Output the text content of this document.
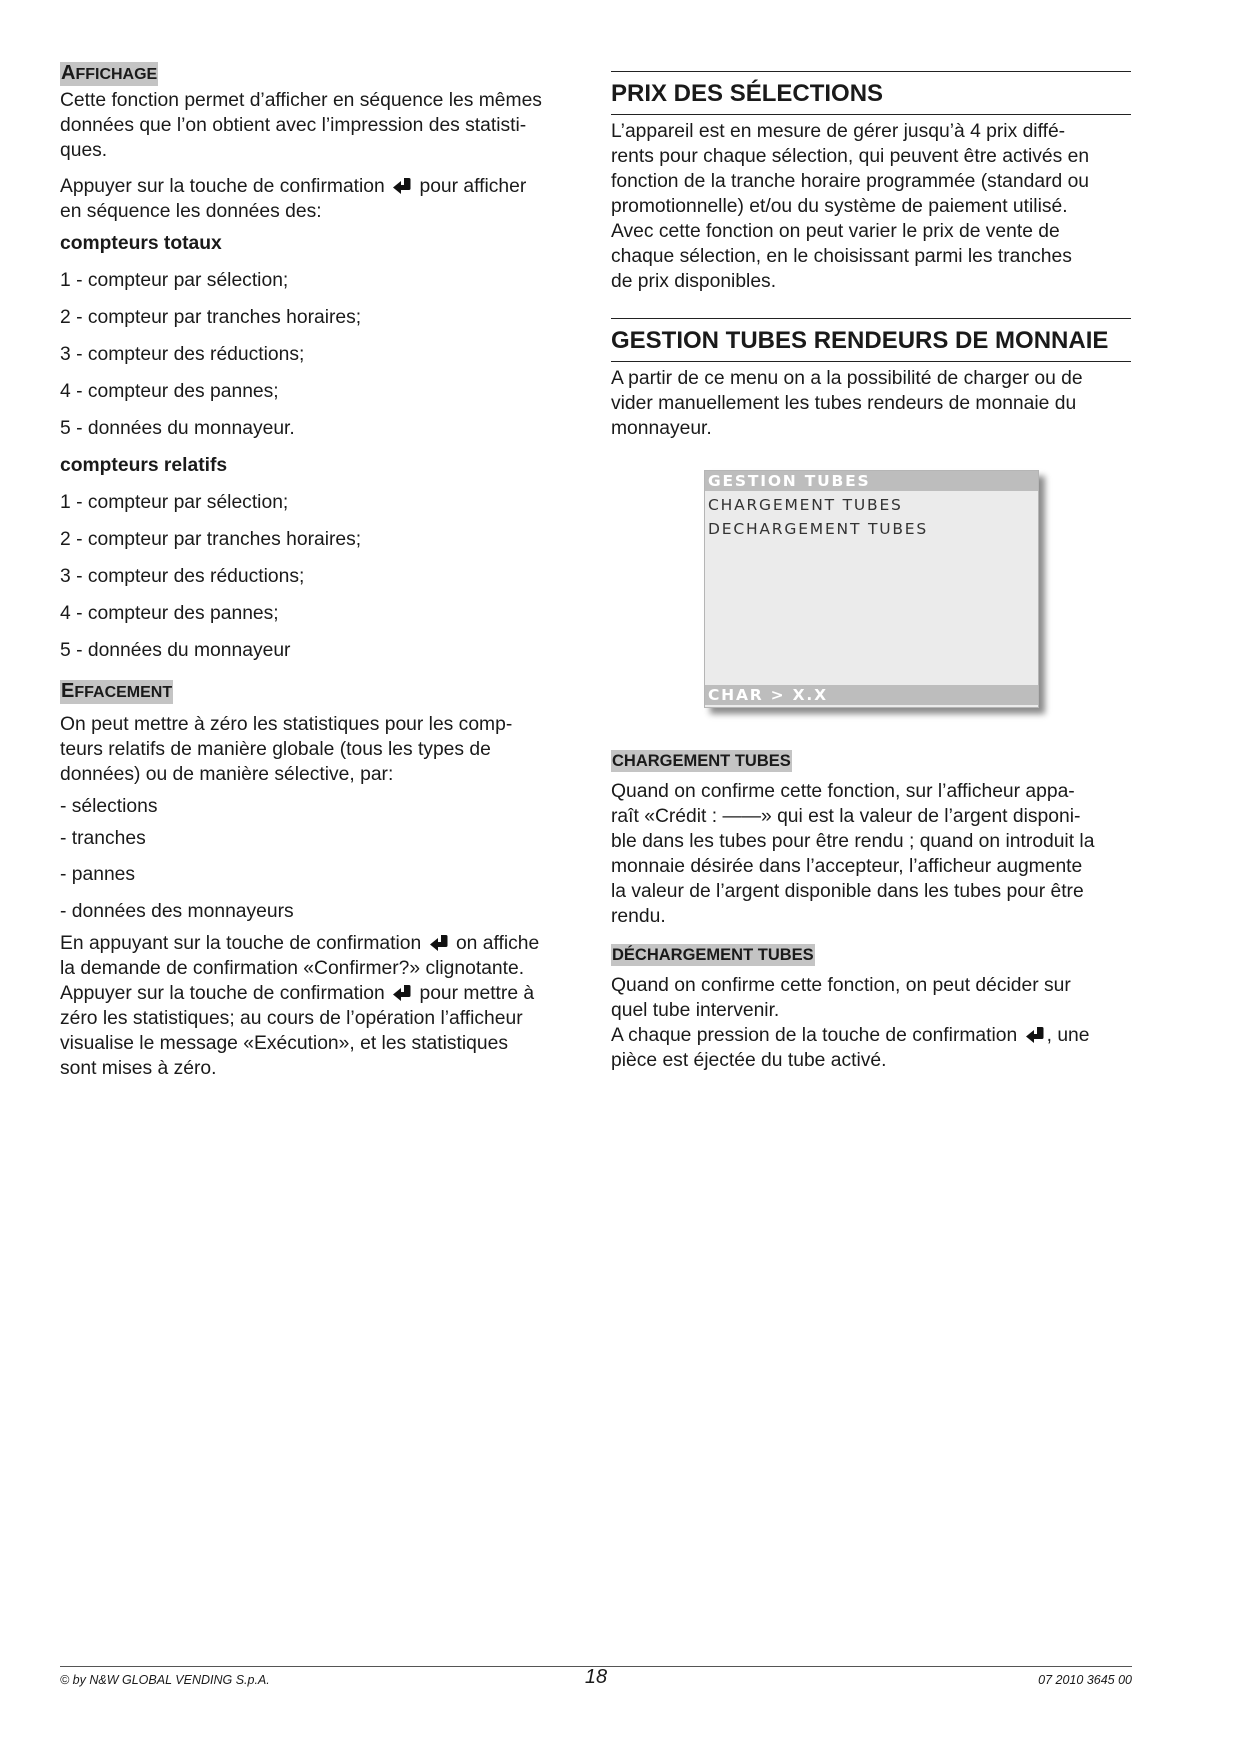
AFFICHAGE

Cette fonction permet d’afficher en séquence les mêmes
données que l’on obtient avec l’impression des statisti-
ques.

Appuyer sur la touche de confirmation pour afficher
en séquence les données des:

compteurs totaux

1 - compteur par sélection;

2 - compteur par tranches horaires;

3 - compteur des réductions;

4 - compteur des pannes;

5 - données du monnayeur.

compteurs relatifs

1 - compteur par sélection;

2 - compteur par tranches horaires;

3 - compteur des réductions;

4 - compteur des pannes;

5 - données du monnayeur

EFFACEMENT

On peut mettre à zéro les statistiques pour les comp-
teurs relatifs de manière globale (tous les types de
données) ou de manière sélective, par:

- sélections

- tranches

- pannes

- données des monnayeurs

En appuyant sur la touche de confirmation on affiche
la demande de confirmation «Confirmer?» clignotante.
Appuyer sur la touche de confirmation pour mettre à
zéro les statistiques; au cours de l’opération l’afficheur
visualise le message «Exécution», et les statistiques
sont mises à zéro.

PRIX DES SÉLECTIONS

L’appareil est en mesure de gérer jusqu’à 4 prix diffé-
rents pour chaque sélection, qui peuvent être activés en
fonction de la tranche horaire programmée (standard ou
promotionnelle) et/ou du système de paiement utilisé.
Avec cette fonction on peut varier le prix de vente de
chaque sélection, en le choisissant parmi les tranches
de prix disponibles.

GESTION TUBES RENDEURS DE MONNAIE

A partir de ce menu on a la possibilité de charger ou de
vider manuellement les tubes rendeurs de monnaie du
monnayeur.

CHARGEMENT TUBES

Quand on confirme cette fonction, sur l’afficheur appa-
raît «Crédit : ——» qui est la valeur de l’argent disponi-
ble dans les tubes pour être rendu ; quand on introduit la
monnaie désirée dans l’accepteur, l’afficheur augmente
la valeur de l’argent disponible dans les tubes pour être
rendu.

DÉCHARGEMENT TUBES

Quand on confirme cette fonction, on peut décider sur
quel tube intervenir.
A chaque pression de la touche de confirmation , une
pièce est éjectée du tube activé.

GESTION TUBES
CHARGEMENT TUBES
DECHARGEMENT TUBES
CHAR > X.X
© by N&W GLOBAL VENDING S.p.A.	18	07 2010 3645 00
